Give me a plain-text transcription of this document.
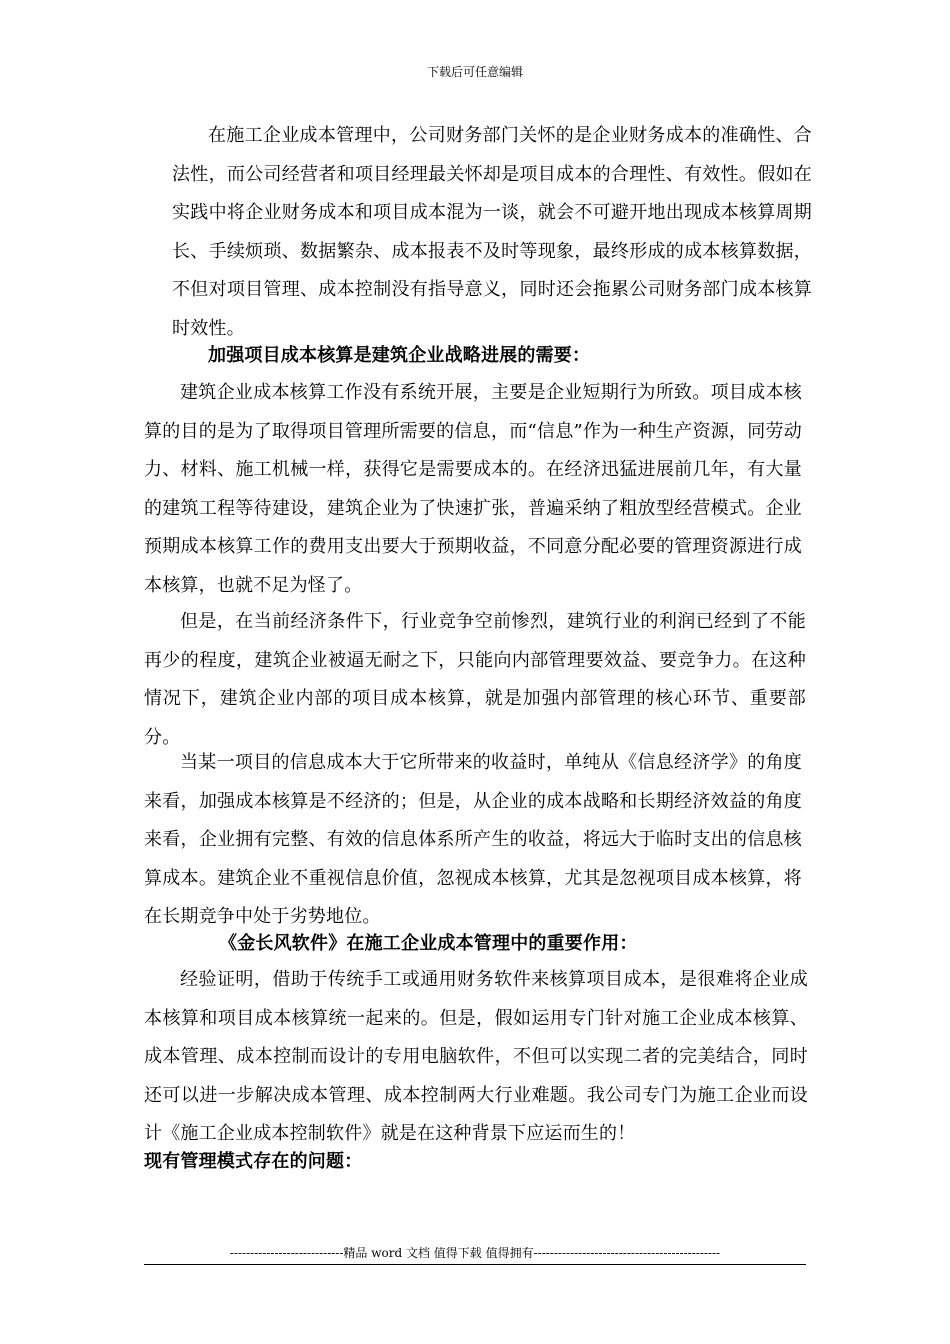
下载后可任意编辑

在施工企业成本管理中，公司财务部门关怀的是企业财务成本的准确性、合法性，而公司经营者和项目经理最关怀却是项目成本的合理性、有效性。假如在实践中将企业财务成本和项目成本混为一谈，就会不可避开地出现成本核算周期长、手续烦琐、数据繁杂、成本报表不及时等现象，最终形成的成本核算数据，不但对项目管理、成本控制没有指导意义，同时还会拖累公司财务部门成本核算时效性。

加强项目成本核算是建筑企业战略进展的需要：

建筑企业成本核算工作没有系统开展，主要是企业短期行为所致。项目成本核算的目的是为了取得项目管理所需要的信息，而“信息”作为一种生产资源，同劳动力、材料、施工机械一样，获得它是需要成本的。在经济迅猛进展前几年，有大量的建筑工程等待建设，建筑企业为了快速扩张，普遍采纳了粗放型经营模式。企业预期成本核算工作的费用支出要大于预期收益，不同意分配必要的管理资源进行成本核算，也就不足为怪了。

但是，在当前经济条件下，行业竞争空前惨烈，建筑行业的利润已经到了不能再少的程度，建筑企业被逼无耐之下，只能向内部管理要效益、要竞争力。在这种情况下，建筑企业内部的项目成本核算，就是加强内部管理的核心环节、重要部分。

当某一项目的信息成本大于它所带来的收益时，单纯从《信息经济学》的角度来看，加强成本核算是不经济的；但是，从企业的成本战略和长期经济效益的角度来看，企业拥有完整、有效的信息体系所产生的收益，将远大于临时支出的信息核算成本。建筑企业不重视信息价值，忽视成本核算，尤其是忽视项目成本核算，将在长期竞争中处于劣势地位。

《金长风软件》在施工企业成本管理中的重要作用：

经验证明，借助于传统手工或通用财务软件来核算项目成本，是很难将企业成本核算和项目成本核算统一起来的。但是，假如运用专门针对施工企业成本核算、成本管理、成本控制而设计的专用电脑软件，不但可以实现二者的完美结合，同时还可以进一步解决成本管理、成本控制两大行业难题。我公司专门为施工企业而设计《施工企业成本控制软件》就是在这种背景下应运而生的！

现有管理模式存在的问题：

----------------------------精品 word 文档 值得下载 值得拥有----------------------------------------------
